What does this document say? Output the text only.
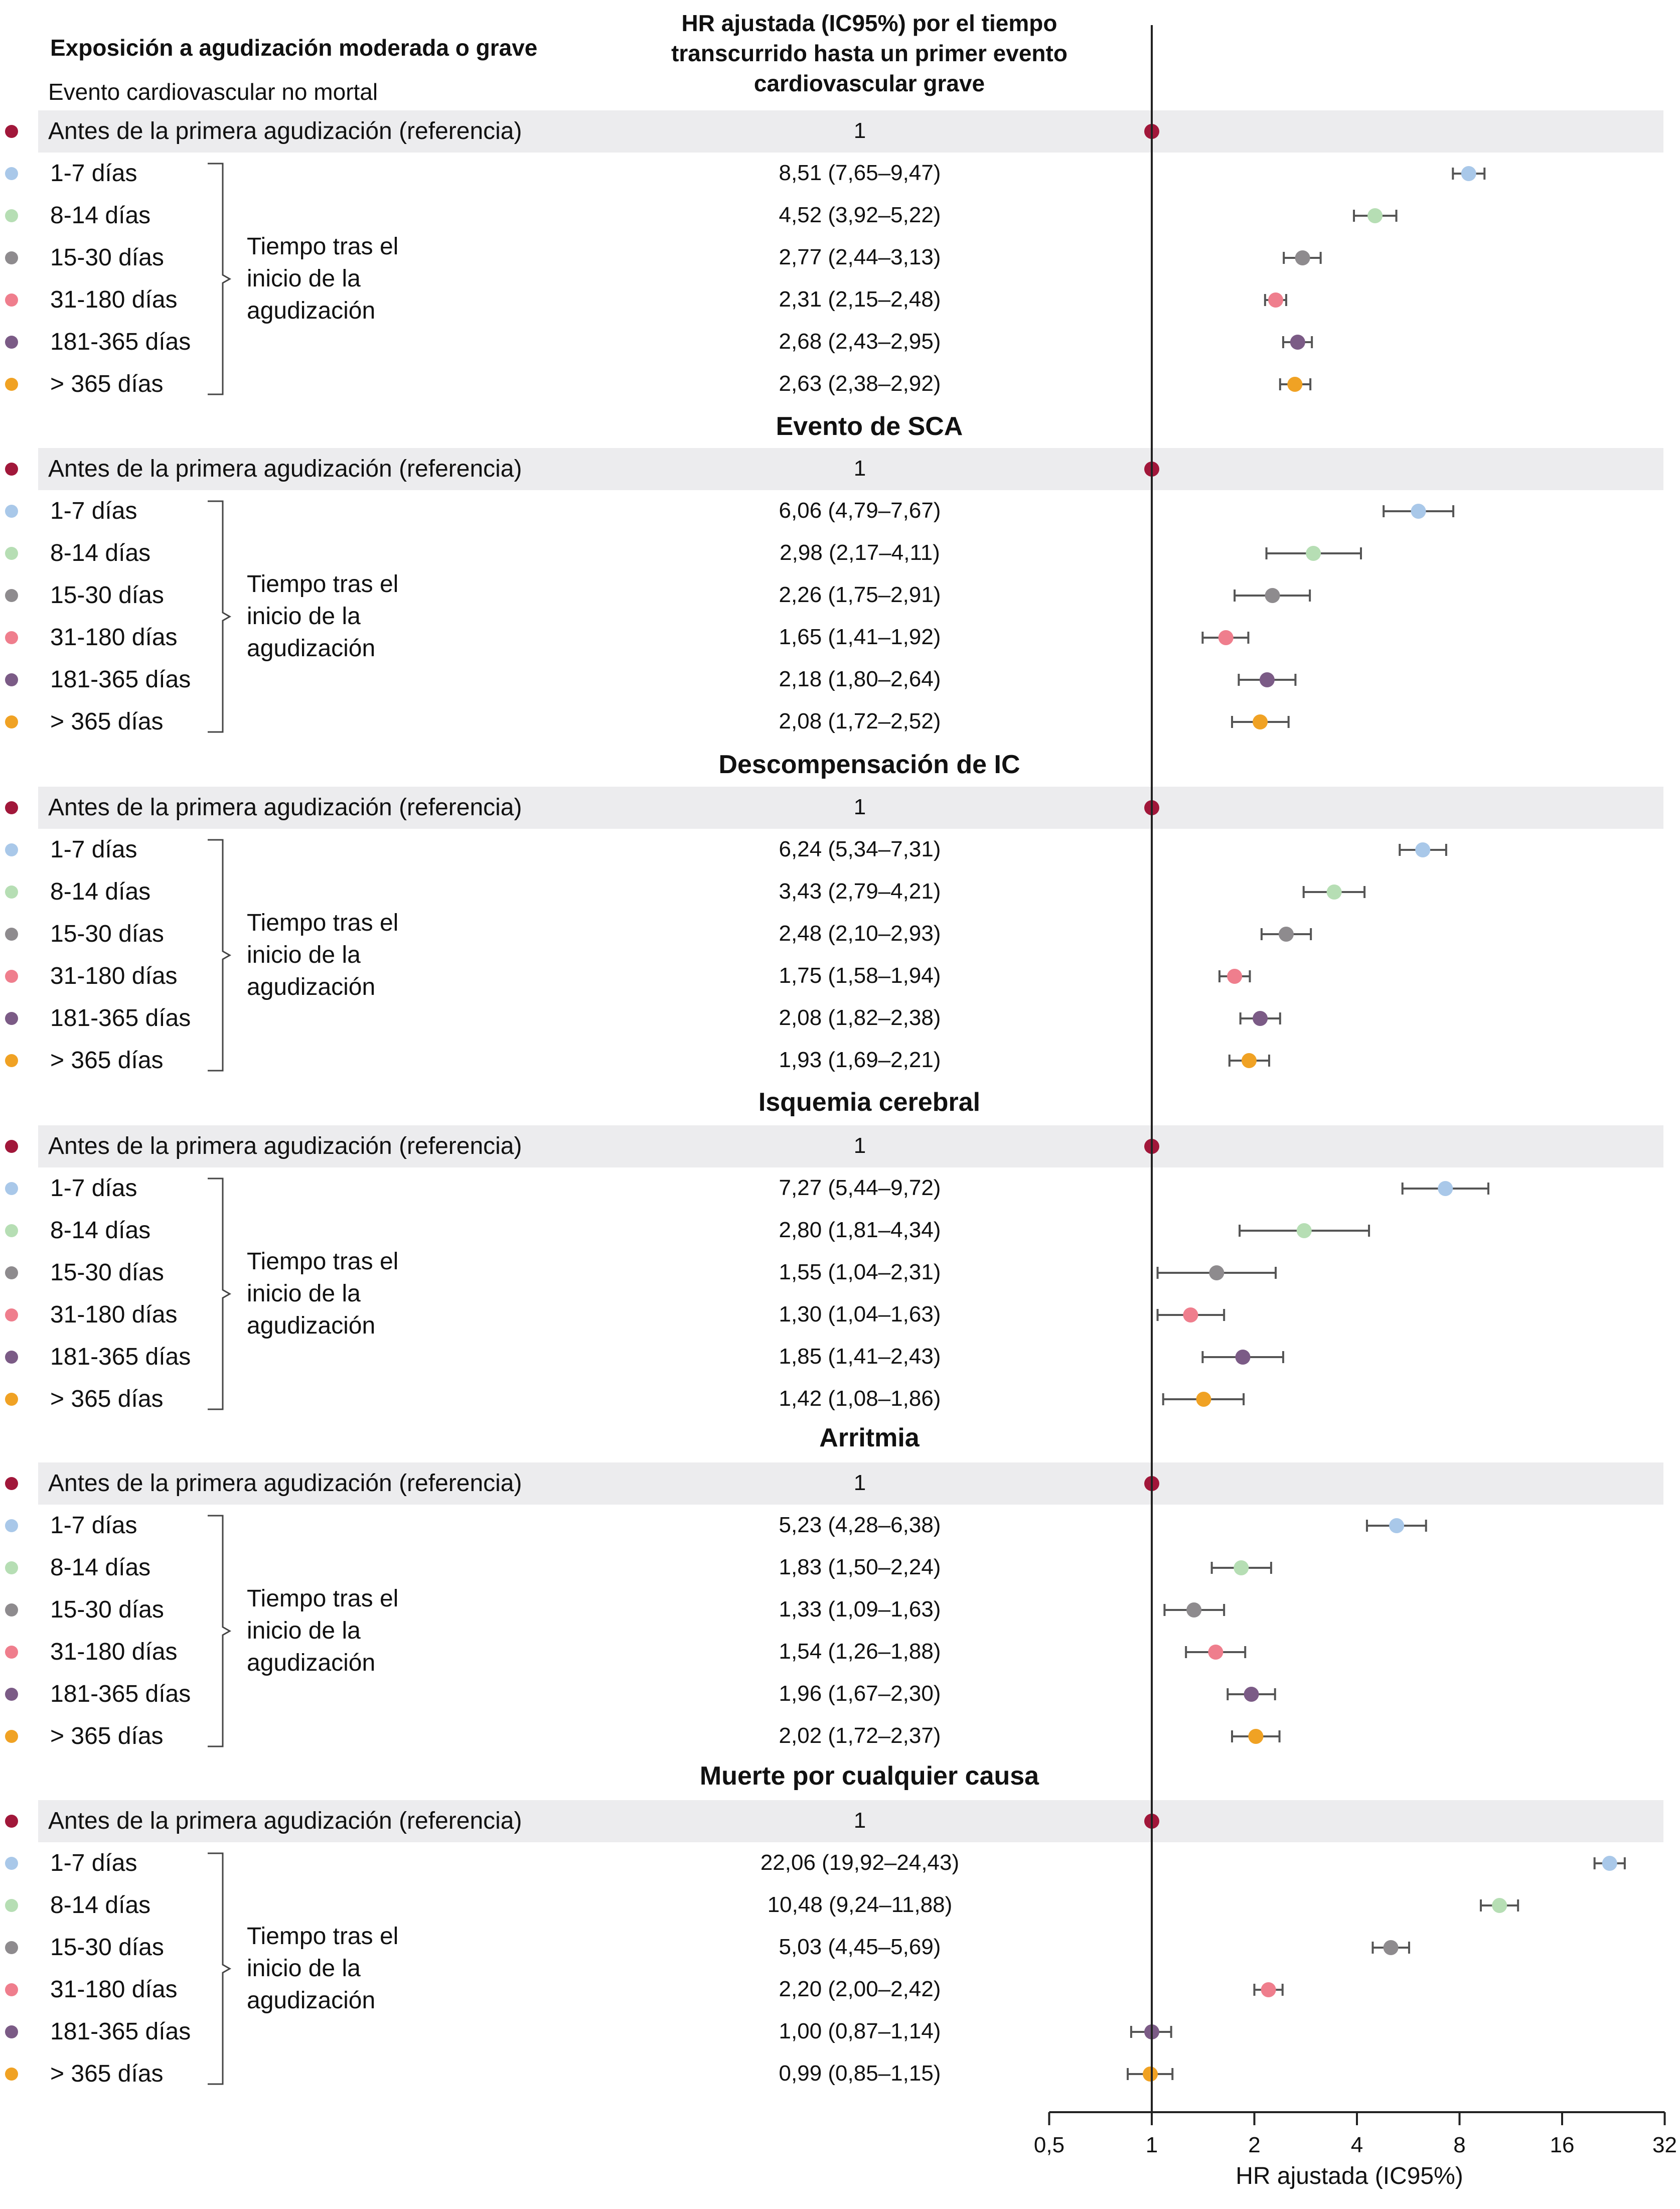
Exposición a agudización moderada o grave
Evento cardiovascular no mortal
HR ajustada (IC95%) por el tiempo
transcurrido hasta un primer evento
cardiovascular grave
Antes de la primera agudización (referencia)	1
1-7 días	8,51 (7,65–9,47)
8-14 días	4,52 (3,92–5,22)
15-30 días	2,77 (2,44–3,13)
31-180 días	2,31 (2,15–2,48)
181-365 días	2,68 (2,43–2,95)
> 365 días	2,63 (2,38–2,92)
Tiempo tras el
inicio de la
agudización
Evento de SCA
Antes de la primera agudización (referencia)	1
1-7 días	6,06 (4,79–7,67)
8-14 días	2,98 (2,17–4,11)
15-30 días	2,26 (1,75–2,91)
31-180 días	1,65 (1,41–1,92)
181-365 días	2,18 (1,80–2,64)
> 365 días	2,08 (1,72–2,52)
Tiempo tras el
inicio de la
agudización
Descompensación de IC
Antes de la primera agudización (referencia)	1
1-7 días	6,24 (5,34–7,31)
8-14 días	3,43 (2,79–4,21)
15-30 días	2,48 (2,10–2,93)
31-180 días	1,75 (1,58–1,94)
181-365 días	2,08 (1,82–2,38)
> 365 días	1,93 (1,69–2,21)
Tiempo tras el
inicio de la
agudización
Isquemia cerebral
Antes de la primera agudización (referencia)	1
1-7 días	7,27 (5,44–9,72)
8-14 días	2,80 (1,81–4,34)
15-30 días	1,55 (1,04–2,31)
31-180 días	1,30 (1,04–1,63)
181-365 días	1,85 (1,41–2,43)
> 365 días	1,42 (1,08–1,86)
Tiempo tras el
inicio de la
agudización
Arritmia
Antes de la primera agudización (referencia)	1
1-7 días	5,23 (4,28–6,38)
8-14 días	1,83 (1,50–2,24)
15-30 días	1,33 (1,09–1,63)
31-180 días	1,54 (1,26–1,88)
181-365 días	1,96 (1,67–2,30)
> 365 días	2,02 (1,72–2,37)
Tiempo tras el
inicio de la
agudización
Muerte por cualquier causa
Antes de la primera agudización (referencia)	1
1-7 días	22,06 (19,92–24,43)
8-14 días	10,48 (9,24–11,88)
15-30 días	5,03 (4,45–5,69)
31-180 días	2,20 (2,00–2,42)
181-365 días	1,00 (0,87–1,14)
> 365 días	0,99 (0,85–1,15)
Tiempo tras el
inicio de la
agudización
0,5	1	2	4	8	16	32
HR ajustada (IC95%)
